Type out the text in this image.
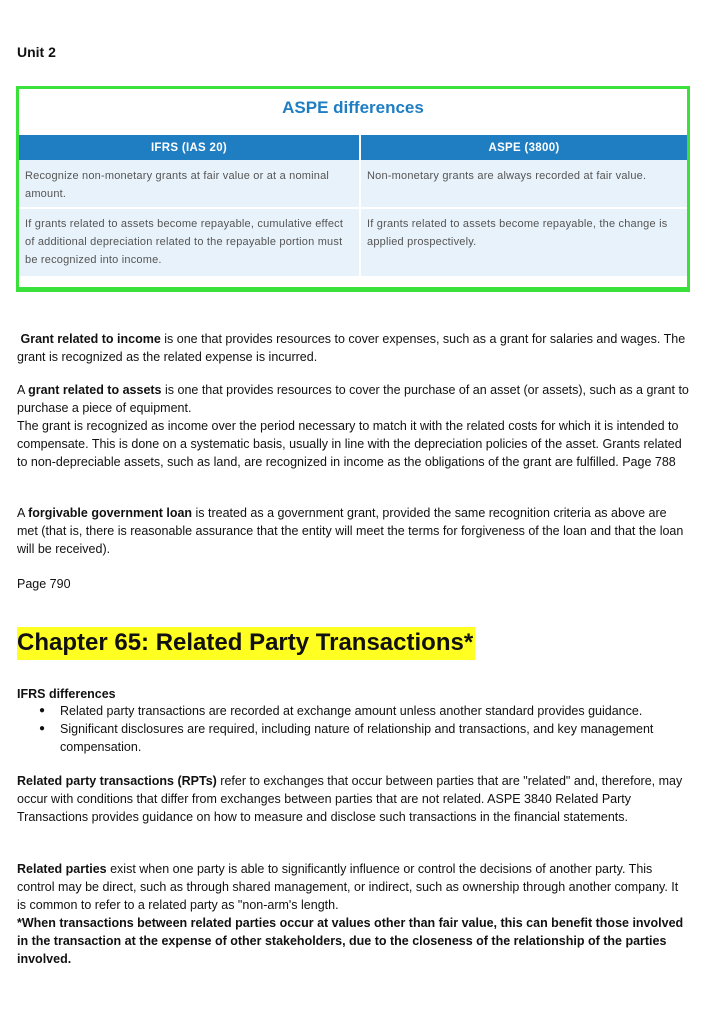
Unit 2
ASPE differences
IFRS (IAS 20)	ASPE (3800)
Recognize non-monetary grants at fair value or at a nominal amount.	Non-monetary grants are always recorded at fair value.
If grants related to assets become repayable, cumulative effect of additional depreciation related to the repayable portion must be recognized into income.	If grants related to assets become repayable, the change is applied prospectively.

Grant related to income is one that provides resources to cover expenses, such as a grant for salaries and wages. The grant is recognized as the related expense is incurred.

A grant related to assets is one that provides resources to cover the purchase of an asset (or assets), such as a grant to purchase a piece of equipment.
The grant is recognized as income over the period necessary to match it with the related costs for which it is intended to compensate. This is done on a systematic basis, usually in line with the depreciation policies of the asset. Grants related to non-depreciable assets, such as land, are recognized in income as the obligations of the grant are fulfilled. Page 788

A forgivable government loan is treated as a government grant, provided the same recognition criteria as above are met (that is, there is reasonable assurance that the entity will meet the terms for forgiveness of the loan and that the loan will be received).

Page 790

Chapter 65: Related Party Transactions*

IFRS differences

● Related party transactions are recorded at exchange amount unless another standard provides guidance.
● Significant disclosures are required, including nature of relationship and transactions, and key management compensation.

Related party transactions (RPTs) refer to exchanges that occur between parties that are "related" and, therefore, may occur with conditions that differ from exchanges between parties that are not related. ASPE 3840 Related Party Transactions provides guidance on how to measure and disclose such transactions in the financial statements.

Related parties exist when one party is able to significantly influence or control the decisions of another party. This control may be direct, such as through shared management, or indirect, such as ownership through another company. It is common to refer to a related party as "non-arm's length.
*When transactions between related parties occur at values other than fair value, this can benefit those involved in the transaction at the expense of other stakeholders, due to the closeness of the relationship of the parties involved.
